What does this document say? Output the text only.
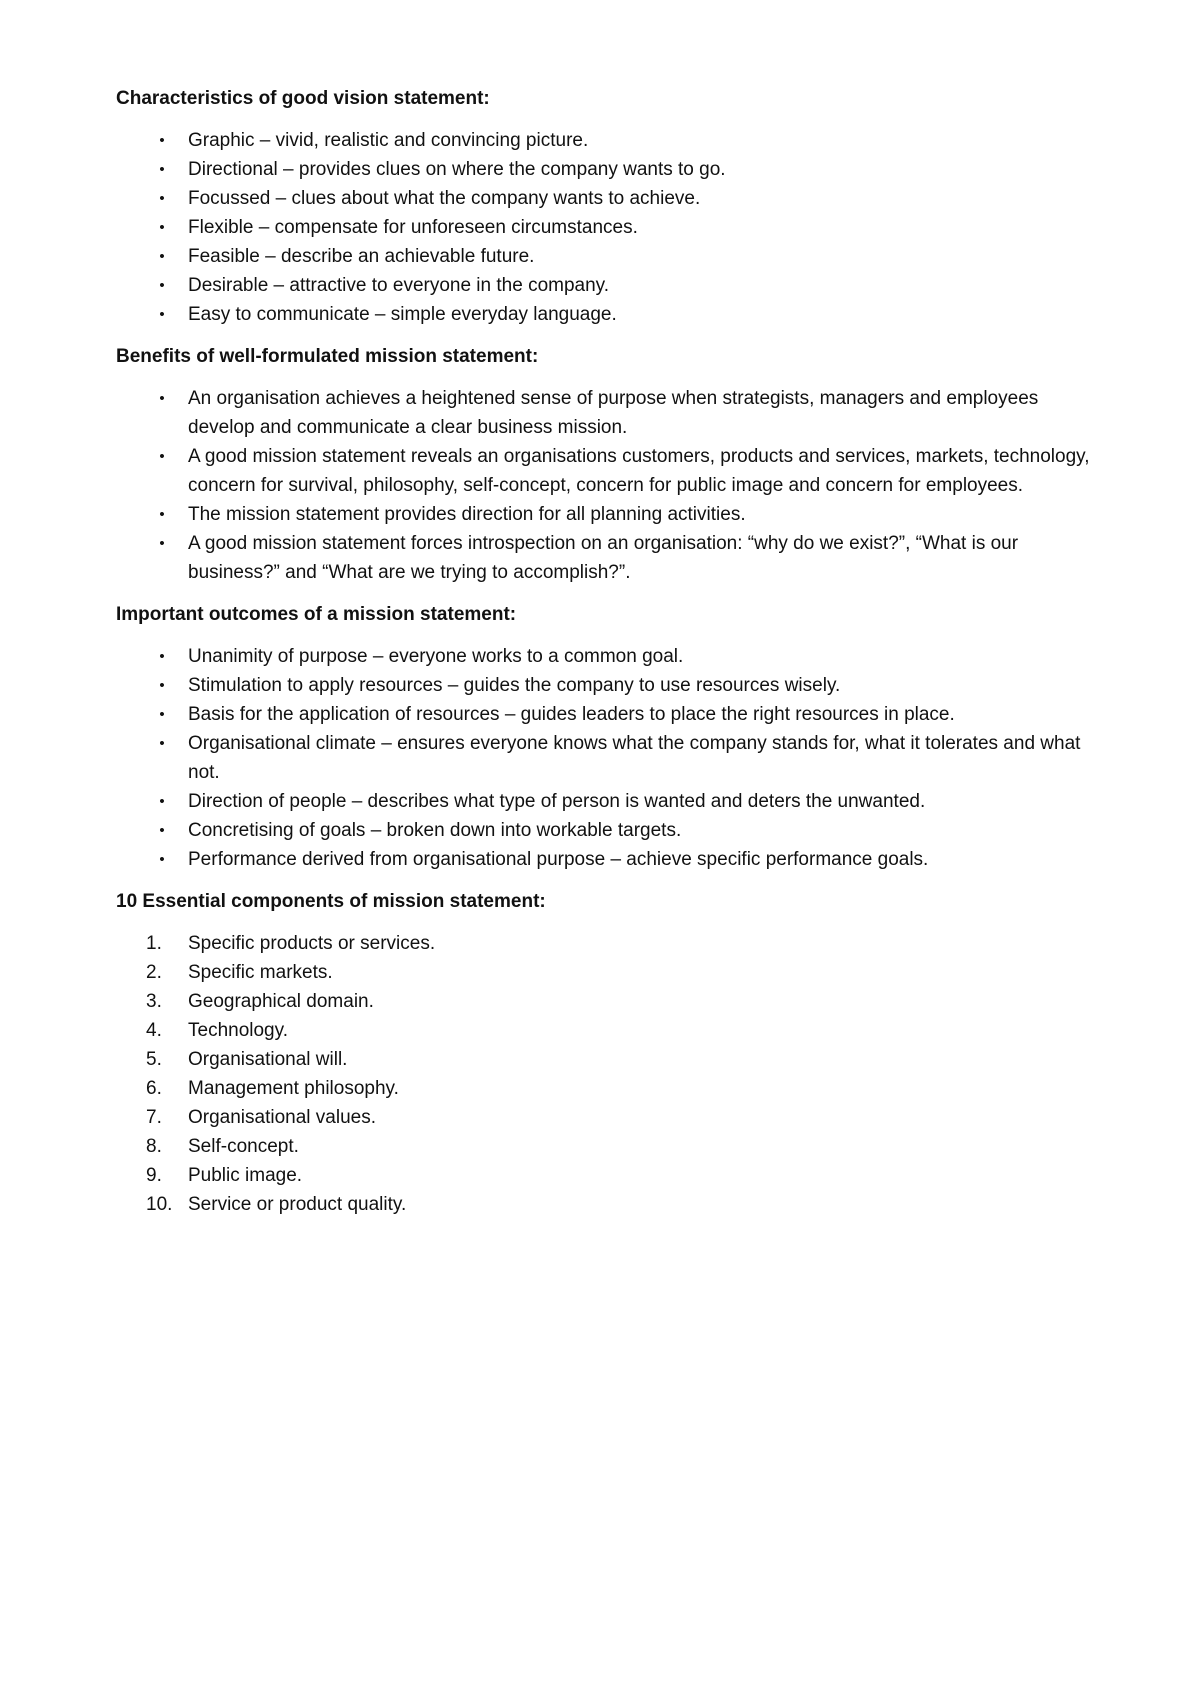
Characteristics of good vision statement:
• Graphic – vivid, realistic and convincing picture.
• Directional – provides clues on where the company wants to go.
• Focussed – clues about what the company wants to achieve.
• Flexible – compensate for unforeseen circumstances.
• Feasible – describe an achievable future.
• Desirable – attractive to everyone in the company.
• Easy to communicate – simple everyday language.
Benefits of well-formulated mission statement:
• An organisation achieves a heightened sense of purpose when strategists, managers and employees develop and communicate a clear business mission.
• A good mission statement reveals an organisations customers, products and services, markets, technology, concern for survival, philosophy, self-concept, concern for public image and concern for employees.
• The mission statement provides direction for all planning activities.
• A good mission statement forces introspection on an organisation: “why do we exist?”, “What is our business?” and “What are we trying to accomplish?”.
Important outcomes of a mission statement:
• Unanimity of purpose – everyone works to a common goal.
• Stimulation to apply resources – guides the company to use resources wisely.
• Basis for the application of resources – guides leaders to place the right resources in place.
• Organisational climate – ensures everyone knows what the company stands for, what it tolerates and what not.
• Direction of people – describes what type of person is wanted and deters the unwanted.
• Concretising of goals – broken down into workable targets.
• Performance derived from organisational purpose – achieve specific performance goals.
10 Essential components of mission statement:
1.	Specific products or services.
2.	Specific markets.
3.	Geographical domain.
4.	Technology.
5.	Organisational will.
6.	Management philosophy.
7.	Organisational values.
8.	Self-concept.
9.	Public image.
10. Service or product quality.
